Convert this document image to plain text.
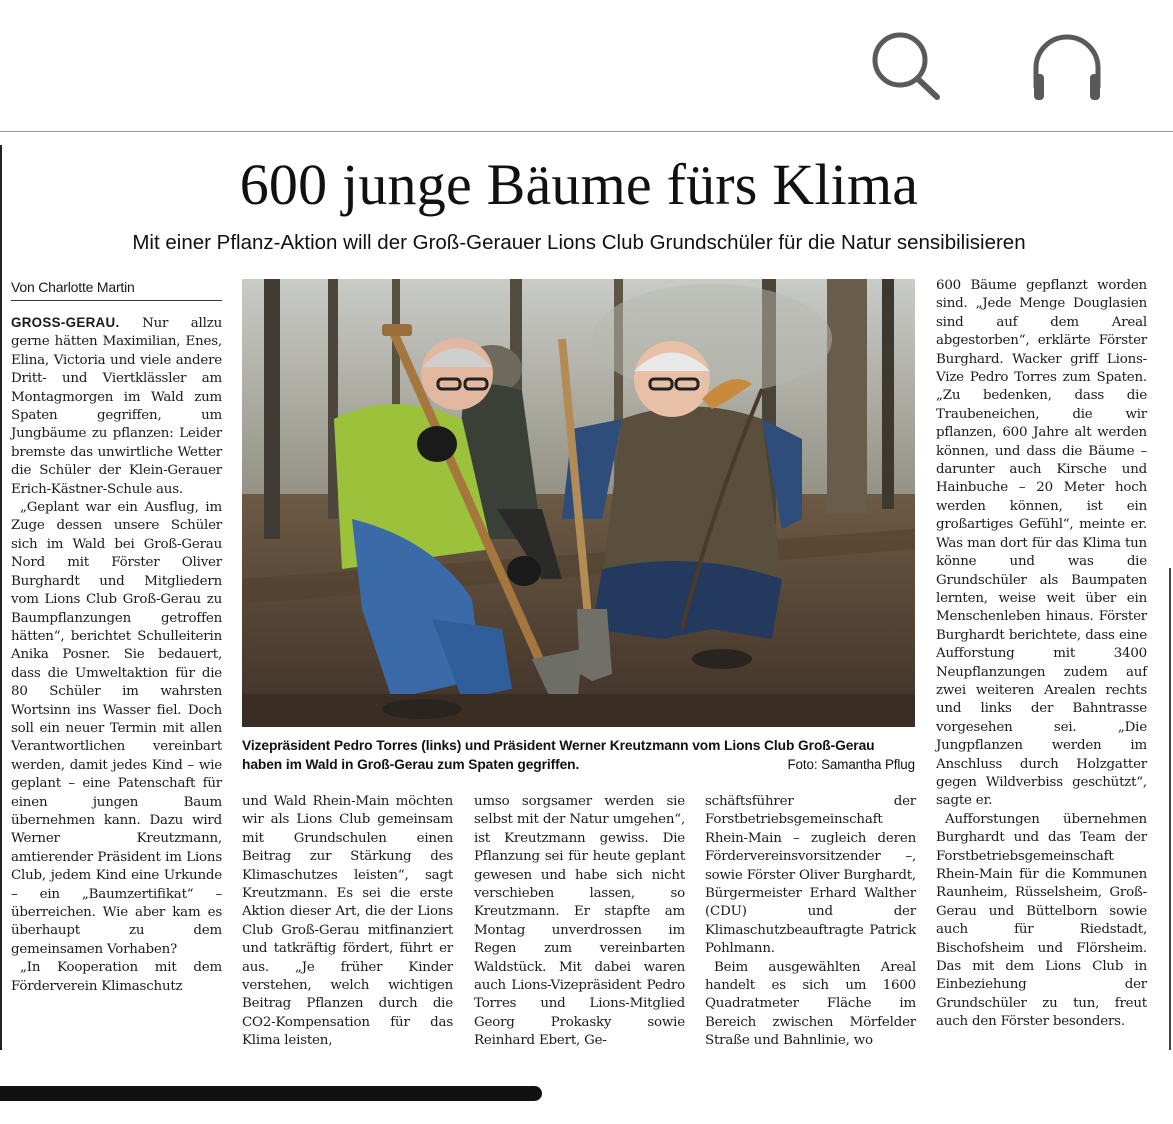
600 junge Bäume fürs Klima
Mit einer Pflanz-Aktion will der Groß-Gerauer Lions Club Grundschüler für die Natur sensibilisieren
Von Charlotte Martin

GROSS-GERAU. Nur allzu gerne hätten Maximilian, Enes, Elina, Victoria und viele andere Dritt- und Viertklässler am Montagmorgen im Wald zum Spaten gegriffen, um Jungbäume zu pflanzen: Leider bremste das unwirtliche Wetter die Schüler der Klein-Gerauer Erich-Kästner-Schule aus.

„Geplant war ein Ausflug, im Zuge dessen unsere Schüler sich im Wald bei Groß-Gerau Nord mit Förster Oliver Burghardt und Mitgliedern vom Lions Club Groß-Gerau zu Baumpflanzungen getroffen hätten“, berichtet Schulleiterin Anika Posner. Sie bedauert, dass die Umweltaktion für die 80 Schüler im wahrsten Wortsinn ins Wasser fiel. Doch soll ein neuer Termin mit allen Verantwortlichen vereinbart werden, damit jedes Kind – wie geplant – eine Patenschaft für einen jungen Baum übernehmen kann. Dazu wird Werner Kreutzmann, amtierender Präsident im Lions Club, jedem Kind eine Urkunde – ein „Baumzertifikat“ – überreichen. Wie aber kam es überhaupt zu dem gemeinsamen Vorhaben?

„In Kooperation mit dem Förderverein Klimaschutz

Vizepräsident Pedro Torres (links) und Präsident Werner Kreutzmann vom Lions Club Groß-Gerau haben im Wald in Groß-Gerau zum Spaten gegriffen.	Foto: Samantha Pflug

und Wald Rhein-Main möchten wir als Lions Club gemeinsam mit Grundschulen einen Beitrag zur Stärkung des Klimaschutzes leisten“, sagt Kreutzmann. Es sei die erste Aktion dieser Art, die der Lions Club Groß-Gerau mitfinanziert und tatkräftig fördert, führt er aus. „Je früher Kinder verstehen, welch wichtigen Beitrag Pflanzen durch die CO2-Kompensation für das Klima leisten,

umso sorgsamer werden sie selbst mit der Natur umgehen“, ist Kreutzmann gewiss. Die Pflanzung sei für heute geplant gewesen und habe sich nicht verschieben lassen, so Kreutzmann. Er stapfte am Montag unverdrossen im Regen zum vereinbarten Waldstück. Mit dabei waren auch Lions-Vizepräsident Pedro Torres und Lions-Mitglied Georg Prokasky sowie Reinhard Ebert, Ge-

schäftsführer der Forstbetriebsgemeinschaft Rhein-Main – zugleich deren Fördervereinsvorsitzender –, sowie Förster Oliver Burghardt, Bürgermeister Erhard Walther (CDU) und der Klimaschutzbeauftragte Patrick Pohlmann.

Beim ausgewählten Areal handelt es sich um 1600 Quadratmeter Fläche im Bereich zwischen Mörfelder Straße und Bahnlinie, wo

600 Bäume gepflanzt worden sind. „Jede Menge Douglasien sind auf dem Areal abgestorben“, erklärte Förster Burghard. Wacker griff Lions-Vize Pedro Torres zum Spaten. „Zu bedenken, dass die Traubeneichen, die wir pflanzen, 600 Jahre alt werden können, und dass die Bäume – darunter auch Kirsche und Hainbuche – 20 Meter hoch werden können, ist ein großartiges Gefühl“, meinte er. Was man dort für das Klima tun könne und was die Grundschüler als Baumpaten lernten, weise weit über ein Menschenleben hinaus. Förster Burghardt berichtete, dass eine Aufforstung mit 3400 Neupflanzungen zudem auf zwei weiteren Arealen rechts und links der Bahntrasse vorgesehen sei. „Die Jungpflanzen werden im Anschluss durch Holzgatter gegen Wildverbiss geschützt“, sagte er.

Aufforstungen übernehmen Burghardt und das Team der Forstbetriebsgemeinschaft Rhein-Main für die Kommunen Raunheim, Rüsselsheim, Groß-Gerau und Büttelborn sowie auch für Riedstadt, Bischofsheim und Flörsheim. Das mit dem Lions Club in Einbeziehung der Grundschüler zu tun, freut auch den Förster besonders.
